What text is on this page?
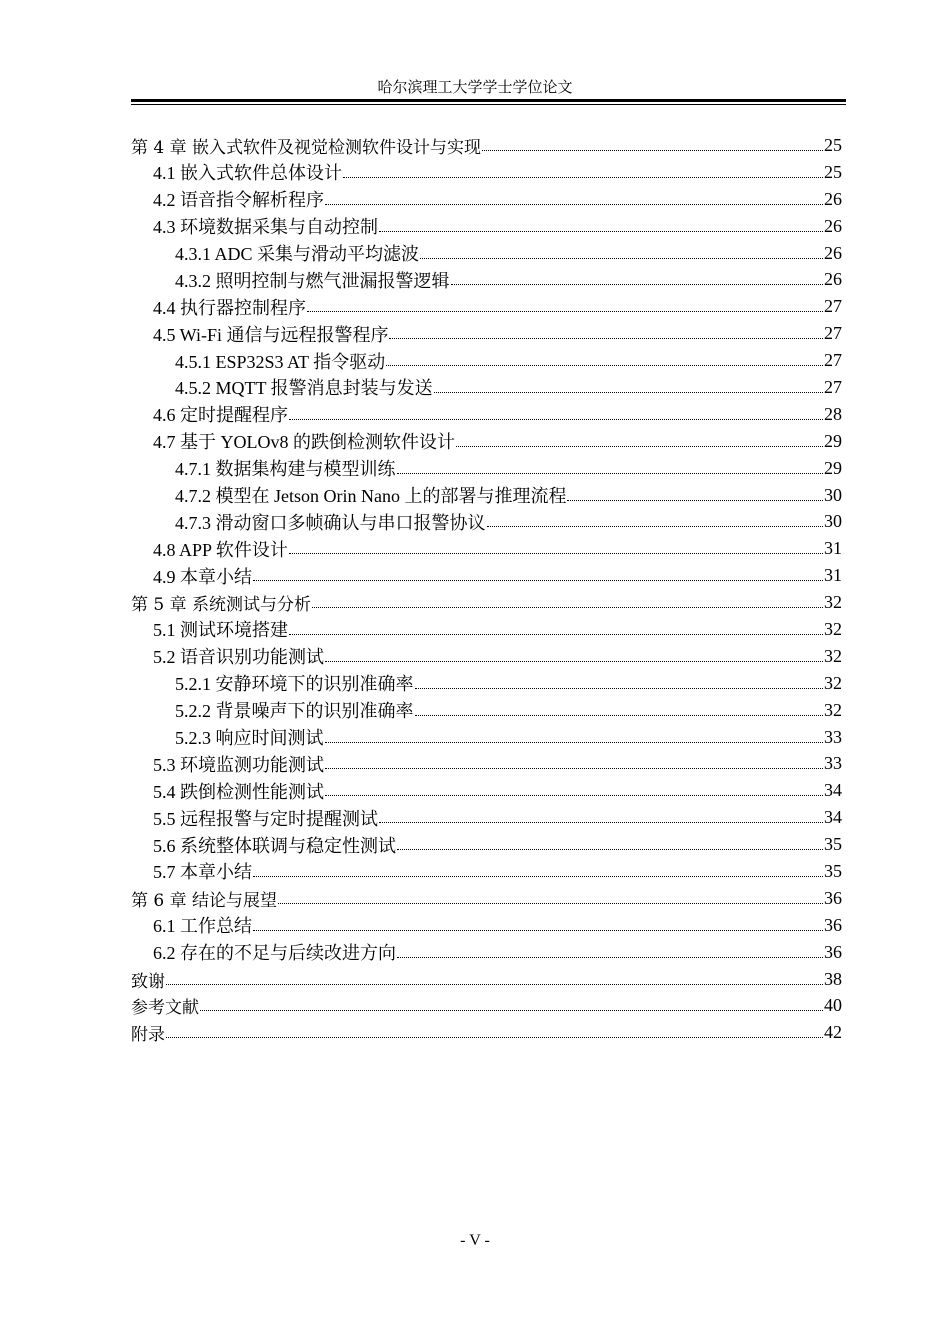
哈尔滨理工大学学士学位论文
第 4 章 嵌入式软件及视觉检测软件设计与实现	25
4.1 嵌入式软件总体设计	25
4.2 语音指令解析程序	26
4.3 环境数据采集与自动控制	26
4.3.1 ADC 采集与滑动平均滤波	26
4.3.2 照明控制与燃气泄漏报警逻辑	26
4.4 执行器控制程序	27
4.5 Wi-Fi 通信与远程报警程序	27
4.5.1 ESP32S3 AT 指令驱动	27
4.5.2 MQTT 报警消息封装与发送	27
4.6 定时提醒程序	28
4.7 基于 YOLOv8 的跌倒检测软件设计	29
4.7.1 数据集构建与模型训练	29
4.7.2 模型在 Jetson Orin Nano 上的部署与推理流程	30
4.7.3 滑动窗口多帧确认与串口报警协议	30
4.8 APP 软件设计	31
4.9 本章小结	31
第 5 章 系统测试与分析	32
5.1 测试环境搭建	32
5.2 语音识别功能测试	32
5.2.1 安静环境下的识别准确率	32
5.2.2 背景噪声下的识别准确率	32
5.2.3 响应时间测试	33
5.3 环境监测功能测试	33
5.4 跌倒检测性能测试	34
5.5 远程报警与定时提醒测试	34
5.6 系统整体联调与稳定性测试	35
5.7 本章小结	35
第 6 章 结论与展望	36
6.1 工作总结	36
6.2 存在的不足与后续改进方向	36
致谢	38
参考文献	40
附录	42
- V -
